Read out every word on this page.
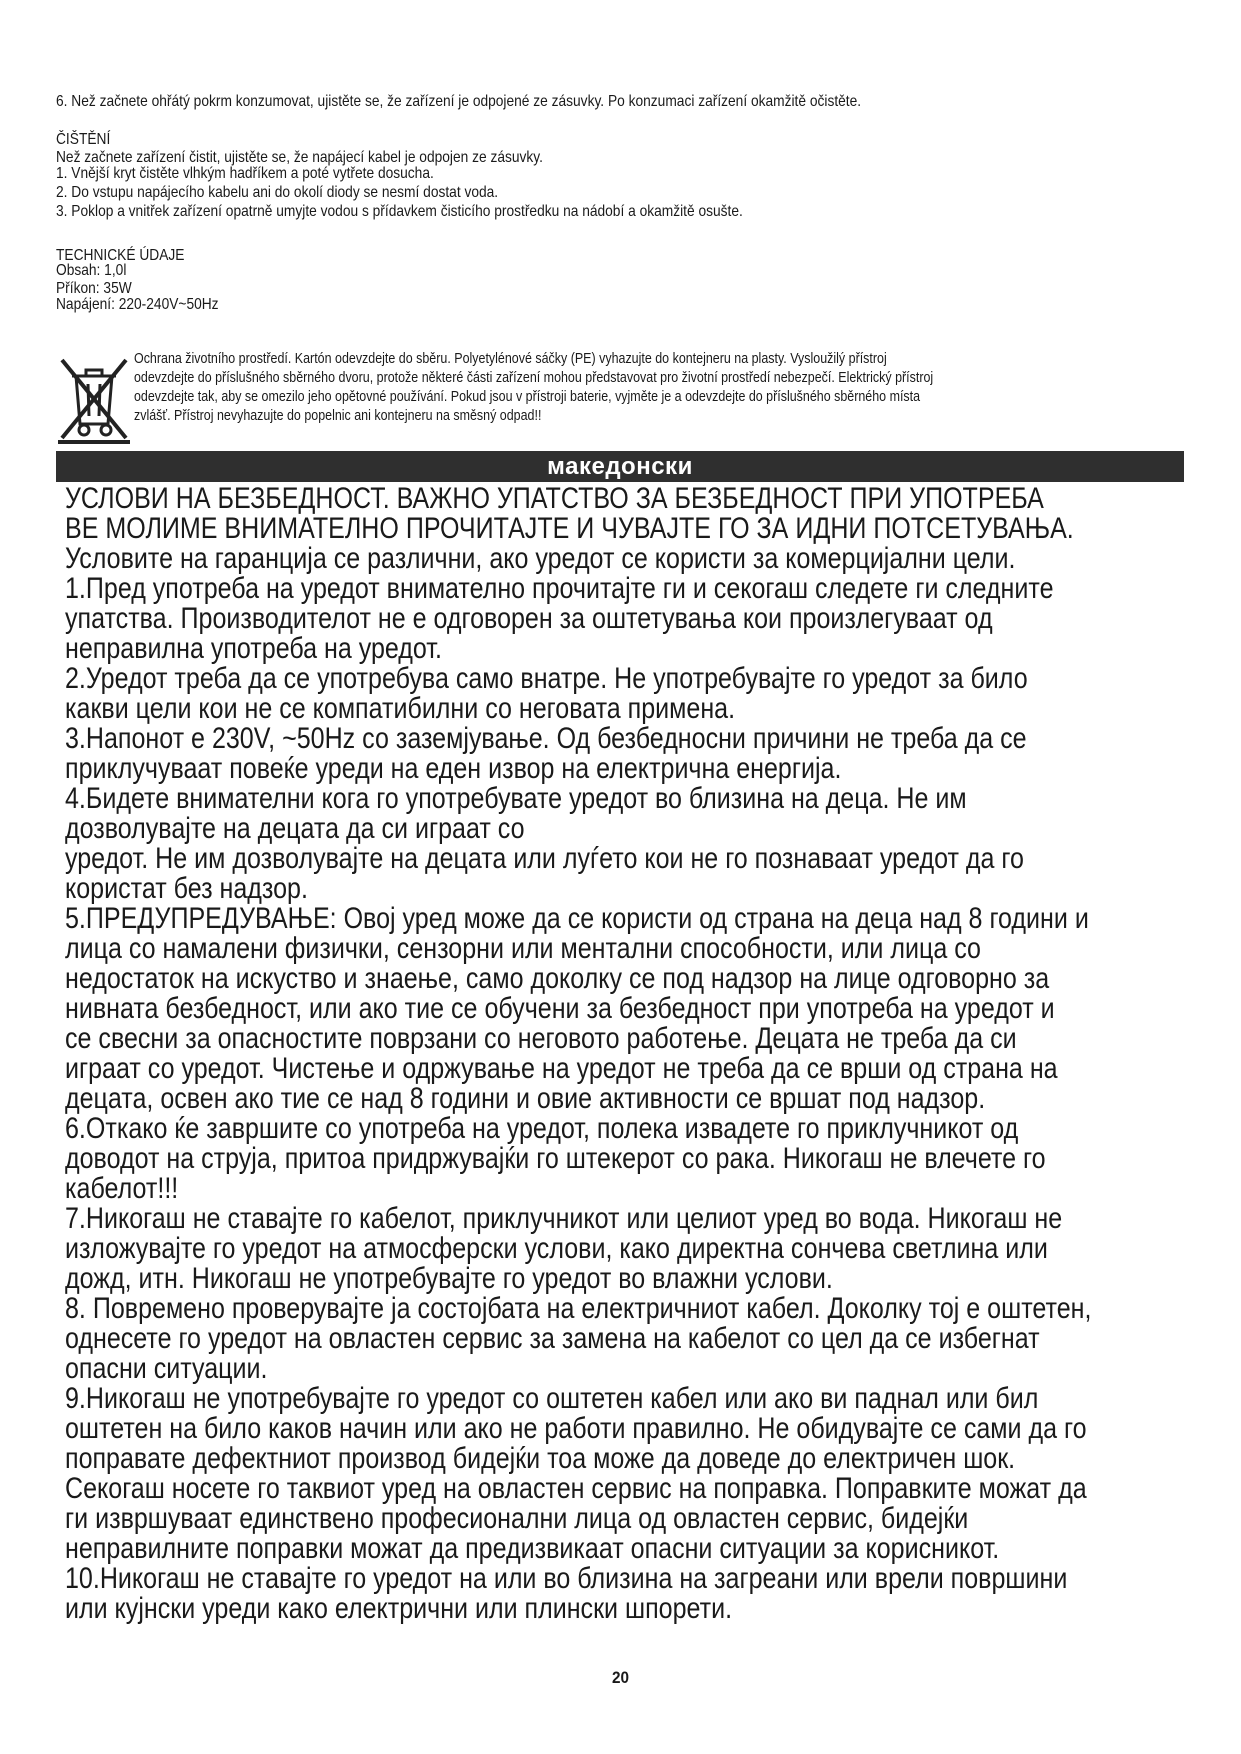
6. Než začnete ohřátý pokrm konzumovat, ujistěte se, že zařízení je odpojené ze zásuvky. Po konzumaci zařízení okamžitě očistěte.

ČIŠTĚNÍ

Než začnete zařízení čistit, ujistěte se, že napájecí kabel je odpojen ze zásuvky.

1. Vnější kryt čistěte vlhkým hadříkem a poté vytřete dosucha.

2. Do vstupu napájecího kabelu ani do okolí diody se nesmí dostat voda.

3. Poklop a vnitřek zařízení opatrně umyjte vodou s přídavkem čisticího prostředku na nádobí a okamžitě osušte.

TECHNICKÉ ÚDAJE

Obsah: 1,0l

Příkon: 35W

Napájení: 220-240V~50Hz

Ochrana životního prostředí. Kartón odevzdejte do sběru. Polyetylénové sáčky (PE) vyhazujte do kontejneru na plasty. Vysloužilý přístroj

odevzdejte do příslušného sběrného dvoru, protože některé části zařízení mohou představovat pro životní prostředí nebezpečí. Elektrický přístroj

odevzdejte tak, aby se omezilo jeho opětovné používání. Pokud jsou v přístroji baterie, vyjměte je a odevzdejte do příslušného sběrného místa

zvlášť. Přístroj nevyhazujte do popelnic ani kontejneru na směsný odpad!!

македонски

УСЛОВИ НА БЕЗБЕДНОСТ. ВАЖНО УПАТСТВО ЗА БЕЗБЕДНОСТ ПРИ УПОТРЕБА

ВЕ МОЛИМЕ ВНИМАТЕЛНО ПРОЧИТАЈТЕ И ЧУВАЈТЕ ГО ЗА ИДНИ ПОТСЕТУВАЊА.

Условите на гаранција се различни, ако уредот се користи за комерцијални цели.

1.Пред употреба на уредот внимателно прочитајте ги и секогаш следете ги следните

упатства. Производителот не е одговорен за оштетувања кои произлегуваат од

неправилна употреба на уредот.

2.Уредот треба да се употребува само внатре. Не употребувајте го уредот за било

какви цели кои не се компатибилни со неговата примена.

3.Напонот е 230V, ~50Hz со заземјување. Од безбедносни причини не треба да се

приклучуваат повеќе уреди на еден извор на електрична енергија.

4.Бидете внимателни кога го употребувате уредот во близина на деца. Не им

дозволувајте на децата да си играат со

уредот. Не им дозволувајте на децата или луѓето кои не го познаваат уредот да го

користат без надзор.

5.ПРЕДУПРЕДУВАЊЕ: Овој уред може да се користи од страна на деца над 8 години и

лица со намалени физички, сензорни или ментални способности, или лица со

недостаток на искуство и знаење, само доколку се под надзор на лице одговорно за

нивната безбедност, или ако тие се обучени за безбедност при употреба на уредот и

се свесни за опасностите поврзани со неговото работење. Децата не треба да си

играат со уредот. Чистење и одржување на уредот не треба да се врши од страна на

децата, освен ако тие се над 8 години и овие активности се вршат под надзор.

6.Откако ќе завршите со употреба на уредот, полека извадете го приклучникот од

доводот на струја, притоа придржувајќи го штекерот со рака. Никогаш не влечете го

кабелот!!!

7.Никогаш не ставајте го кабелот, приклучникот или целиот уред во вода. Никогаш не

изложувајте го уредот на атмосферски услови, како директна сончева светлина или

дожд, итн. Никогаш не употребувајте го уредот во влажни услови.

8. Повремено проверувајте ја состојбата на електричниот кабел. Доколку тој е оштетен,

однесете го уредот на овластен сервис за замена на кабелот со цел да се избегнат

опасни ситуации.

9.Никогаш не употребувајте го уредот со оштетен кабел или ако ви паднал или бил

оштетен на било каков начин или ако не работи правилно. Не обидувајте се сами да го

поправате дефектниот производ бидејќи тоа може да доведе до електричен шок.

Секогаш носете го таквиот уред на овластен сервис на поправка. Поправките можат да

ги извршуваат единствено професионални лица од овластен сервис, бидејќи

неправилните поправки можат да предизвикаат опасни ситуации за корисникот.

10.Никогаш не ставајте го уредот на или во близина на загреани или врели површини

или кујнски уреди како електрични или плински шпорети.

20
